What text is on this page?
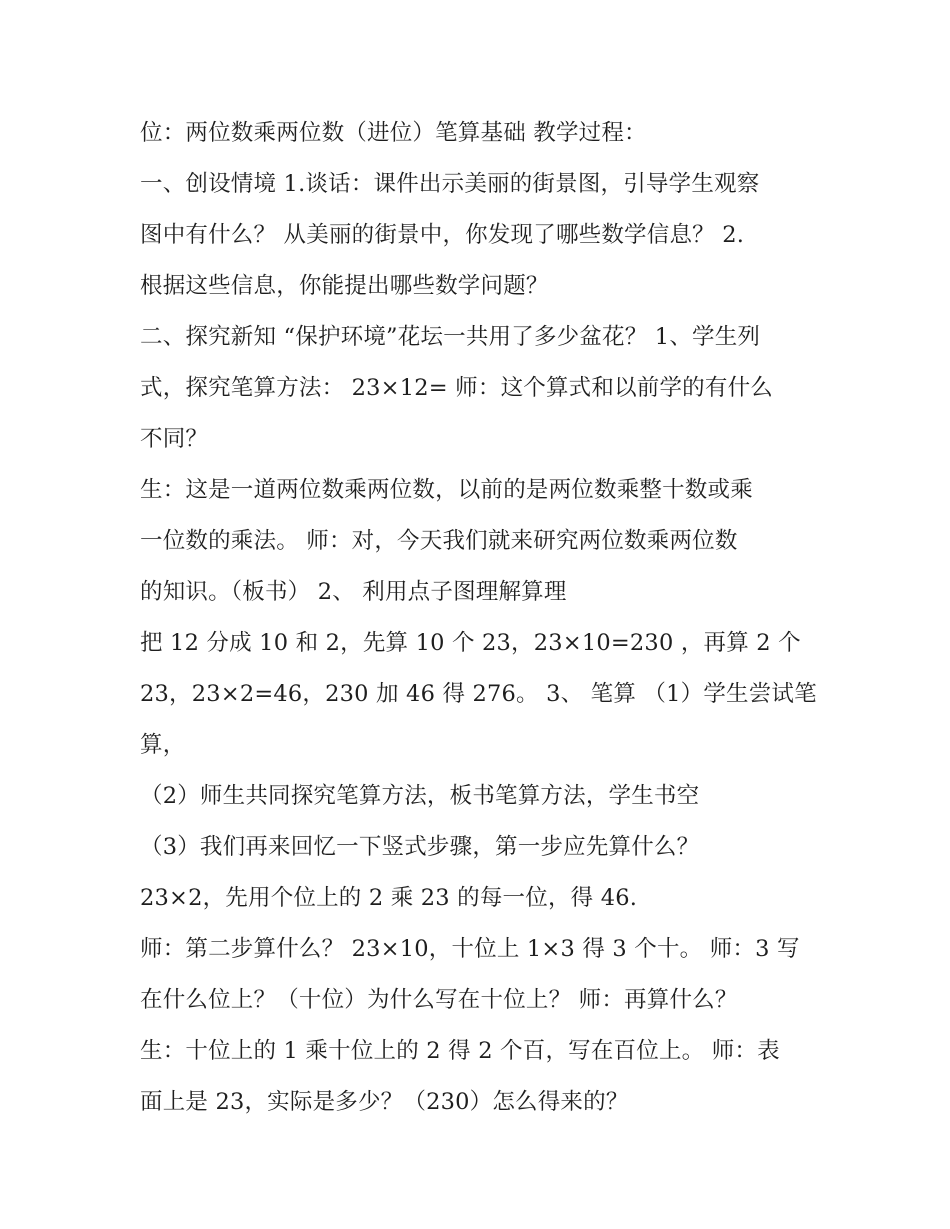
位：两位数乘两位数（进位）笔算基础 教学过程：
一、创设情境 1.谈话：课件出示美丽的街景图，引导学生观察
图中有什么？ 从美丽的街景中，你发现了哪些数学信息？ 2.
根据这些信息，你能提出哪些数学问题？
二、探究新知 “保护环境”花坛一共用了多少盆花？ 1、学生列
式，探究笔算方法： 23×12= 师：这个算式和以前学的有什么
不同？
生：这是一道两位数乘两位数，以前的是两位数乘整十数或乘
一位数的乘法。 师：对，今天我们就来研究两位数乘两位数
的知识。（板书） 2、 利用点子图理解算理
把 12 分成 10 和 2，先算 10 个 23，23×10=230 ，再算 2 个
23，23×2=46，230 加 46 得 276。 3、 笔算 （1）学生尝试笔
算，
（2）师生共同探究笔算方法，板书笔算方法，学生书空
（3）我们再来回忆一下竖式步骤，第一步应先算什么？
23×2，先用个位上的 2 乘 23 的每一位，得 46.
师：第二步算什么？ 23×10，十位上 1×3 得 3 个十。 师：3 写
在什么位上？（十位）为什么写在十位上？ 师：再算什么？
生：十位上的 1 乘十位上的 2 得 2 个百，写在百位上。 师：表
面上是 23，实际是多少？（230）怎么得来的？
